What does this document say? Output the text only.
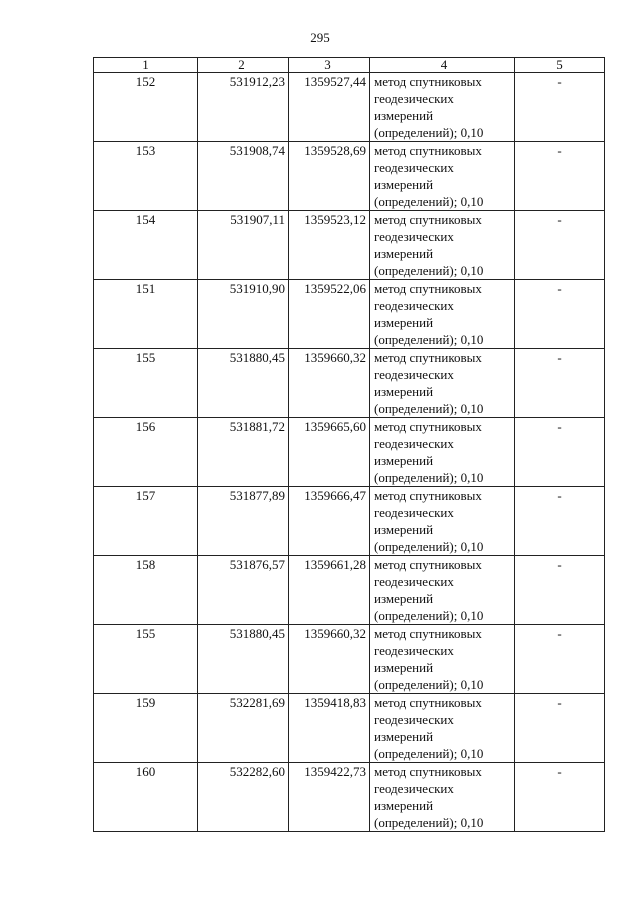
295
1	2	3	4	5
152	531912,23	1359527,44	метод спутниковых
геодезических
измерений
(определений); 0,10	-
153	531908,74	1359528,69	метод спутниковых
геодезических
измерений
(определений); 0,10	-
154	531907,11	1359523,12	метод спутниковых
геодезических
измерений
(определений); 0,10	-
151	531910,90	1359522,06	метод спутниковых
геодезических
измерений
(определений); 0,10	-
155	531880,45	1359660,32	метод спутниковых
геодезических
измерений
(определений); 0,10	-
156	531881,72	1359665,60	метод спутниковых
геодезических
измерений
(определений); 0,10	-
157	531877,89	1359666,47	метод спутниковых
геодезических
измерений
(определений); 0,10	-
158	531876,57	1359661,28	метод спутниковых
геодезических
измерений
(определений); 0,10	-
155	531880,45	1359660,32	метод спутниковых
геодезических
измерений
(определений); 0,10	-
159	532281,69	1359418,83	метод спутниковых
геодезических
измерений
(определений); 0,10	-
160	532282,60	1359422,73	метод спутниковых
геодезических
измерений
(определений); 0,10	-
